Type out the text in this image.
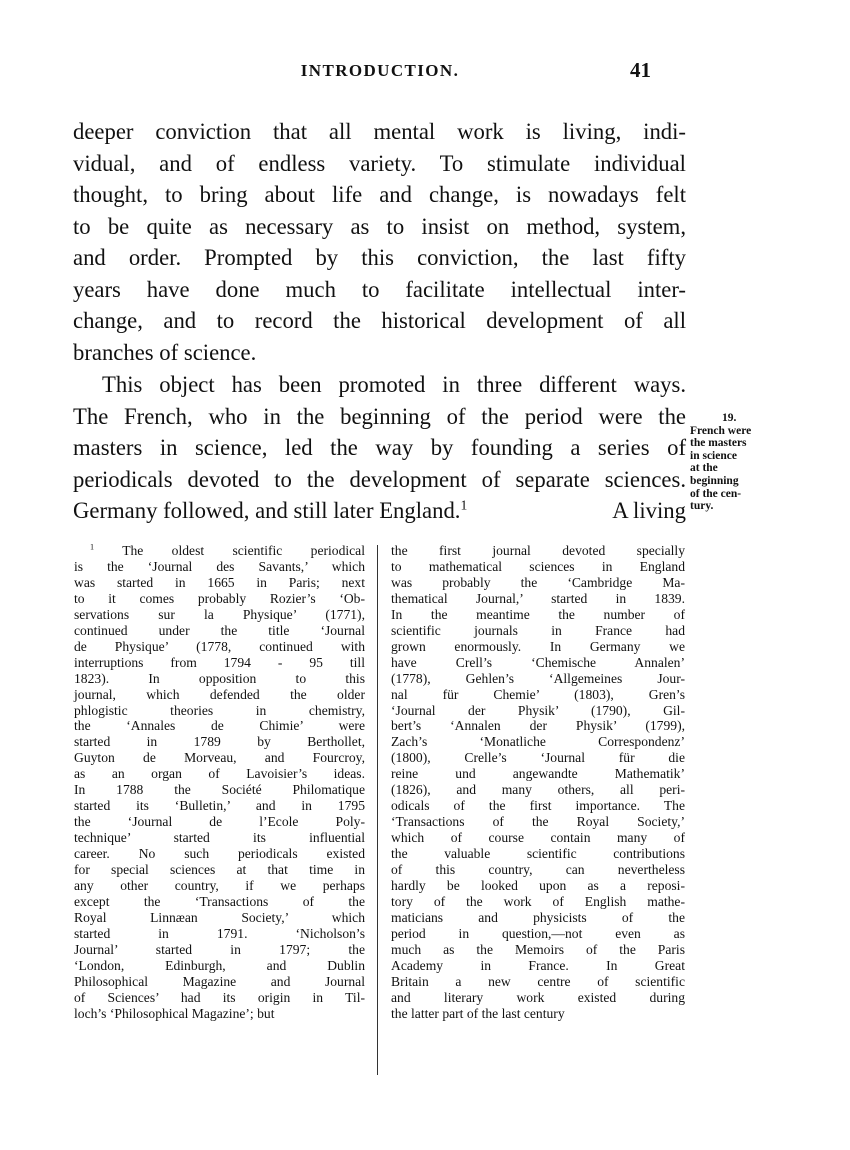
INTRODUCTION.	41
deeper conviction that all mental work is living, indi-
vidual, and of endless variety. To stimulate individual
thought, to bring about life and change, is nowadays felt
to be quite as necessary as to insist on method, system,
and order. Prompted by this conviction, the last fifty
years have done much to facilitate intellectual inter-
change, and to record the historical development of all
branches of science.
This object has been promoted in three different ways.
The French, who in the beginning of the period were the
masters in science, led the way by founding a series of
periodicals devoted to the development of separate sciences.
Germany followed, and still later England.$^1$	A living
19.
French were
the masters
in science
at the
beginning
of the cen-
tury.
$^1$ The oldest scientific periodical
is the ‘Journal des Savants,’ which
was started in 1665 in Paris; next
to it comes probably Rozier’s ‘Ob-
servations sur la Physique’ (1771),
continued under the title ‘Journal
de Physique’ (1778, continued with
interruptions from 1794 - 95 till
1823). In opposition to this
journal, which defended the older
phlogistic theories in chemistry,
the ‘Annales de Chimie’ were
started in 1789 by Berthollet,
Guyton de Morveau, and Fourcroy,
as an organ of Lavoisier’s ideas.
In 1788 the Société Philomatique
started its ‘Bulletin,’ and in 1795
the ‘Journal de l’Ecole Poly-
technique’ started its influential
career. No such periodicals existed
for special sciences at that time in
any other country, if we perhaps
except the ‘Transactions of the
Royal Linnæan Society,’ which
started in 1791. ‘Nicholson’s
Journal’ started in 1797; the
‘London, Edinburgh, and Dublin
Philosophical Magazine and Journal
of Sciences’ had its origin in Til-
loch’s ‘Philosophical Magazine’; but
the first journal devoted specially
to mathematical sciences in England
was probably the ‘Cambridge Ma-
thematical Journal,’ started in 1839.
In the meantime the number of
scientific journals in France had
grown enormously. In Germany we
have Crell’s ‘Chemische Annalen’
(1778), Gehlen’s ‘Allgemeines Jour-
nal für Chemie’ (1803), Gren’s
‘Journal der Physik’ (1790), Gil-
bert’s ‘Annalen der Physik’ (1799),
Zach’s ‘Monatliche Correspondenz’
(1800), Crelle’s ‘Journal für die
reine und angewandte Mathematik’
(1826), and many others, all peri-
odicals of the first importance. The
‘Transactions of the Royal Society,’
which of course contain many of
the valuable scientific contributions
of this country, can nevertheless
hardly be looked upon as a reposi-
tory of the work of English mathe-
maticians and physicists of the
period in question,—not even as
much as the Memoirs of the Paris
Academy in France. In Great
Britain a new centre of scientific
and literary work existed during
the latter part of the last century
